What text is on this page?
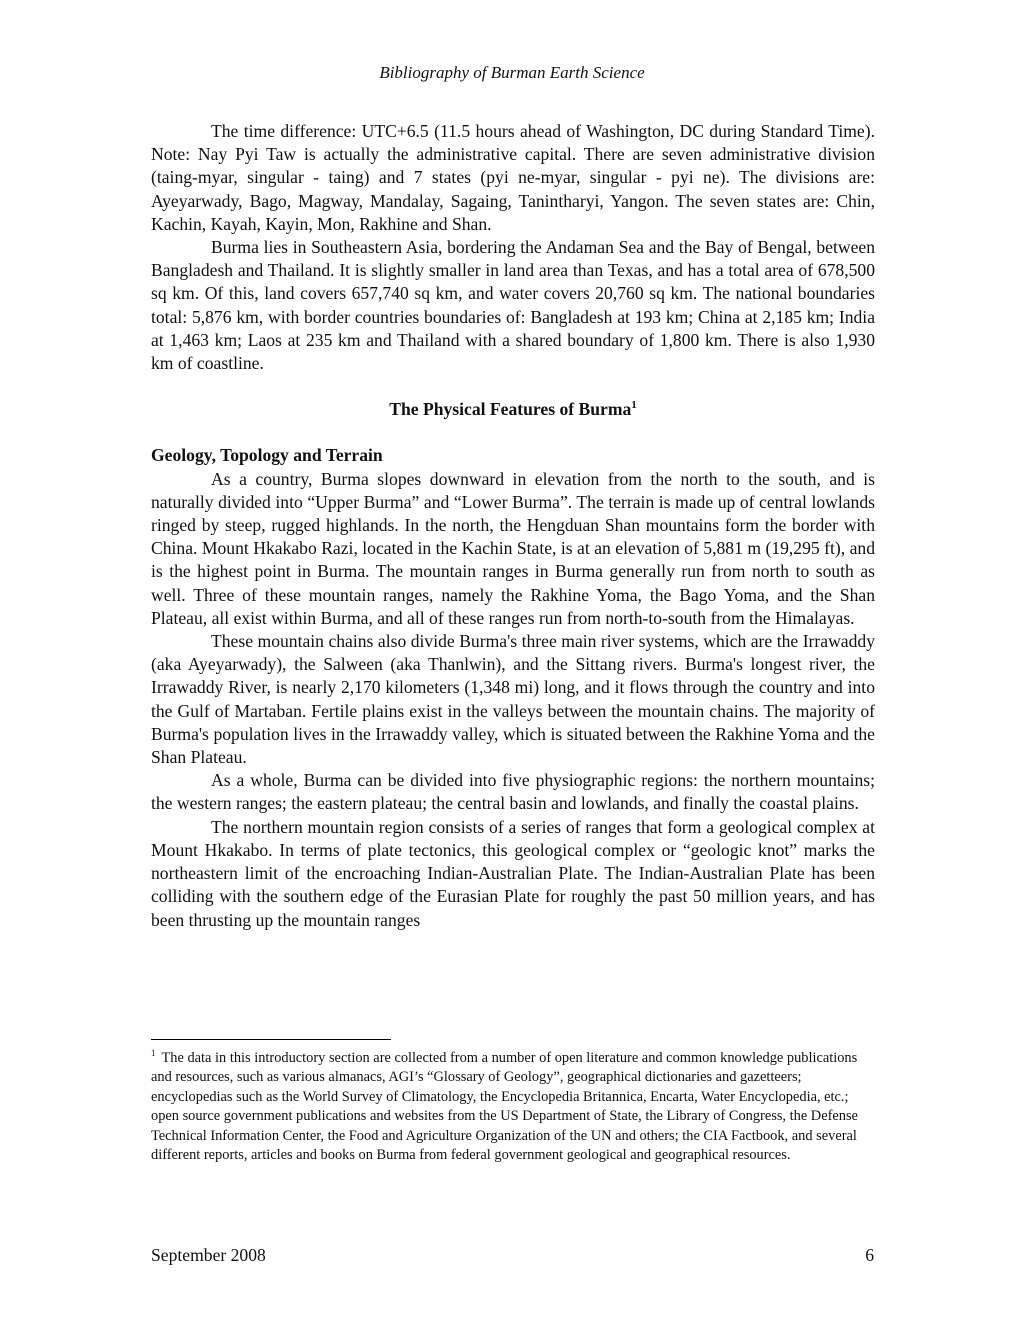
Bibliography of Burman Earth Science

The time difference: UTC+6.5 (11.5 hours ahead of Washington, DC during Standard Time). Note: Nay Pyi Taw is actually the administrative capital. There are seven administrative division (taing-myar, singular - taing) and 7 states (pyi ne-myar, singular - pyi ne). The divisions are: Ayeyarwady, Bago, Magway, Mandalay, Sagaing, Tanintharyi, Yangon. The seven states are: Chin, Kachin, Kayah, Kayin, Mon, Rakhine and Shan.

Burma lies in Southeastern Asia, bordering the Andaman Sea and the Bay of Bengal, between Bangladesh and Thailand. It is slightly smaller in land area than Texas, and has a total area of 678,500 sq km. Of this, land covers 657,740 sq km, and water covers 20,760 sq km. The national boundaries total: 5,876 km, with border countries boundaries of: Bangladesh at 193 km; China at 2,185 km; India at 1,463 km; Laos at 235 km and Thailand with a shared boundary of 1,800 km. There is also 1,930 km of coastline.

The Physical Features of Burma$^1$

Geology, Topology and Terrain

As a country, Burma slopes downward in elevation from the north to the south, and is naturally divided into “Upper Burma” and “Lower Burma”. The terrain is made up of central lowlands ringed by steep, rugged highlands. In the north, the Hengduan Shan mountains form the border with China. Mount Hkakabo Razi, located in the Kachin State, is at an elevation of 5,881 m (19,295 ft), and is the highest point in Burma. The mountain ranges in Burma generally run from north to south as well. Three of these mountain ranges, namely the Rakhine Yoma, the Bago Yoma, and the Shan Plateau, all exist within Burma, and all of these ranges run from north-to-south from the Himalayas.

These mountain chains also divide Burma's three main river systems, which are the Irrawaddy (aka Ayeyarwady), the Salween (aka Thanlwin), and the Sittang rivers. Burma's longest river, the Irrawaddy River, is nearly 2,170 kilometers (1,348 mi) long, and it flows through the country and into the Gulf of Martaban. Fertile plains exist in the valleys between the mountain chains. The majority of Burma's population lives in the Irrawaddy valley, which is situated between the Rakhine Yoma and the Shan Plateau.

As a whole, Burma can be divided into five physiographic regions: the northern mountains; the western ranges; the eastern plateau; the central basin and lowlands, and finally the coastal plains.

The northern mountain region consists of a series of ranges that form a geological complex at Mount Hkakabo. In terms of plate tectonics, this geological complex or “geologic knot” marks the northeastern limit of the encroaching Indian-Australian Plate. The Indian-Australian Plate has been colliding with the southern edge of the Eurasian Plate for roughly the past 50 million years, and has been thrusting up the mountain ranges

$^1$ The data in this introductory section are collected from a number of open literature and common knowledge publications and resources, such as various almanacs, AGI’s “Glossary of Geology”, geographical dictionaries and gazetteers; encyclopedias such as the World Survey of Climatology, the Encyclopedia Britannica, Encarta, Water Encyclopedia, etc.; open source government publications and websites from the US Department of State, the Library of Congress, the Defense Technical Information Center, the Food and Agriculture Organization of the UN and others; the CIA Factbook, and several different reports, articles and books on Burma from federal government geological and geographical resources.
September 2008	6
